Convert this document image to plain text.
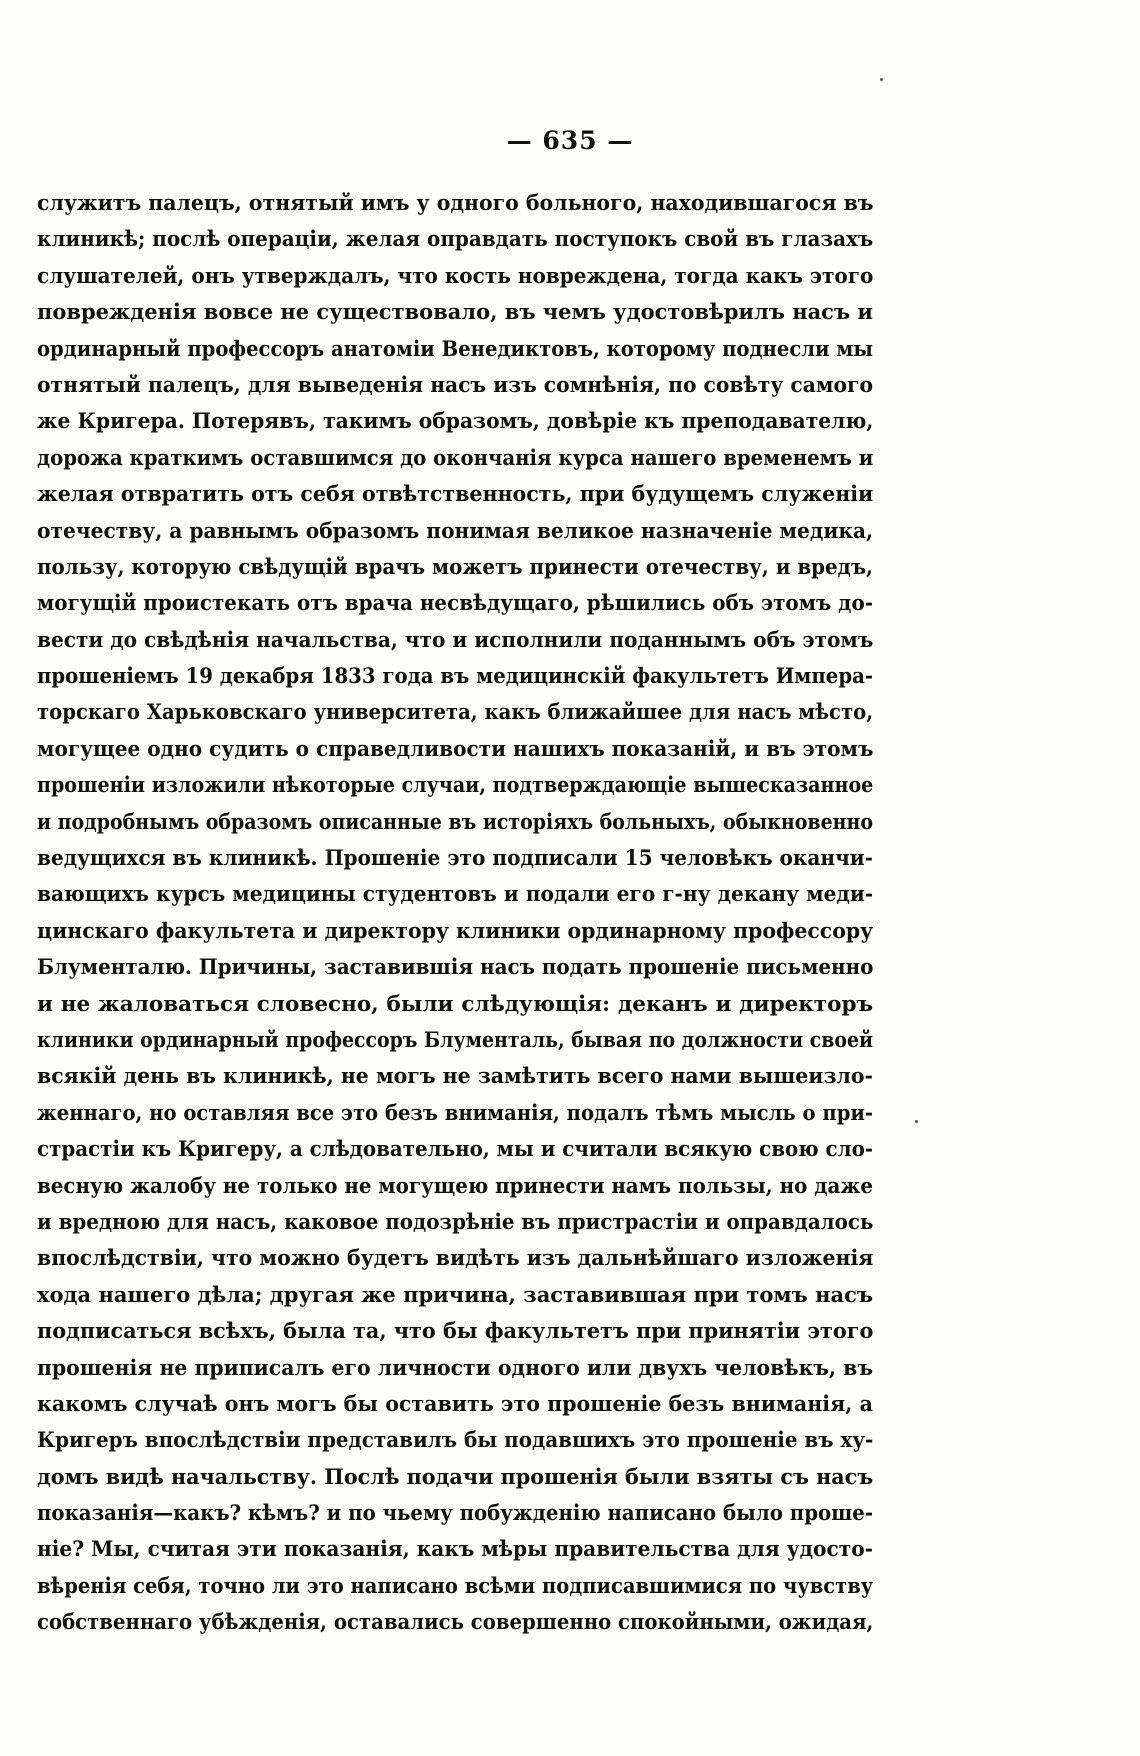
— 635 —
служитъ палецъ, отнятый имъ у одного больного, находившагося въ
клиникѣ; послѣ операціи, желая оправдать поступокъ свой въ глазахъ
слушателей, онъ утверждалъ, что кость новреждена, тогда какъ этого
поврежденія вовсе не существовало, въ чемъ удостовѣрилъ насъ и
ординарный профессоръ анатоміи Венедиктовъ, которому поднесли мы
отнятый палецъ, для выведенія насъ изъ сомнѣнія, по совѣту самого
же Кригера. Потерявъ, такимъ образомъ, довѣріе къ преподавателю,
дорожа краткимъ оставшимся до окончанія курса нашего временемъ и
желая отвратить отъ себя отвѣтственность, при будущемъ служеніи
отечеству, а равнымъ образомъ понимая великое назначеніе медика,
пользу, которую свѣдущій врачъ можетъ принести отечеству, и вредъ,
могущій проистекать отъ врача несвѣдущаго, рѣшились объ этомъ до-
вести до свѣдѣнія начальства, что и исполнили поданнымъ объ этомъ
прошеніемъ 19 декабря 1833 года въ медицинскій факультетъ Импера-
торскаго Харьковскаго университета, какъ ближайшее для насъ мѣсто,
могущее одно судить о справедливости нашихъ показаній, и въ этомъ
прошеніи изложили нѣкоторые случаи, подтверждающіе вышесказанное
и подробнымъ образомъ описанные въ исторіяхъ больныхъ, обыкновенно
ведущихся въ клиникѣ. Прошеніе это подписали 15 человѣкъ оканчи-
вающихъ курсъ медицины студентовъ и подали его г-ну декану меди-
цинскаго факультета и директору клиники ординарному профессору
Блументалю. Причины, заставившія насъ подать прошеніе письменно
и не жаловаться словесно, были слѣдующія: деканъ и директоръ
клиники ординарный профессоръ Блументаль, бывая по должности своей
всякій день въ клиникѣ, не могъ не замѣтить всего нами вышеизло-
женнаго, но оставляя все это безъ вниманія, подалъ тѣмъ мысль о при-
страстіи къ Кригеру, а слѣдовательно, мы и считали всякую свою сло-
весную жалобу не только не могущею принести намъ пользы, но даже
и вредною для насъ, каковое подозрѣніе въ пристрастіи и оправдалось
впослѣдствіи, что можно будетъ видѣть изъ дальнѣйшаго изложенія
хода нашего дѣла; другая же причина, заставившая при томъ насъ
подписаться всѣхъ, была та, что бы факультетъ при принятіи этого
прошенія не приписалъ его личности одного или двухъ человѣкъ, въ
какомъ случаѣ онъ могъ бы оставить это прошеніе безъ вниманія, а
Кригеръ впослѣдствіи представилъ бы подавшихъ это прошеніе въ ху-
домъ видѣ начальству. Послѣ подачи прошенія были взяты съ насъ
показанія—какъ? кѣмъ? и по чьему побужденію написано было проше-
ніе? Мы, считая эти показанія, какъ мѣры правительства для удосто-
вѣренія себя, точно ли это написано всѣми подписавшимися по чувству
собственнаго убѣжденія, оставались совершенно спокойными, ожидая,
